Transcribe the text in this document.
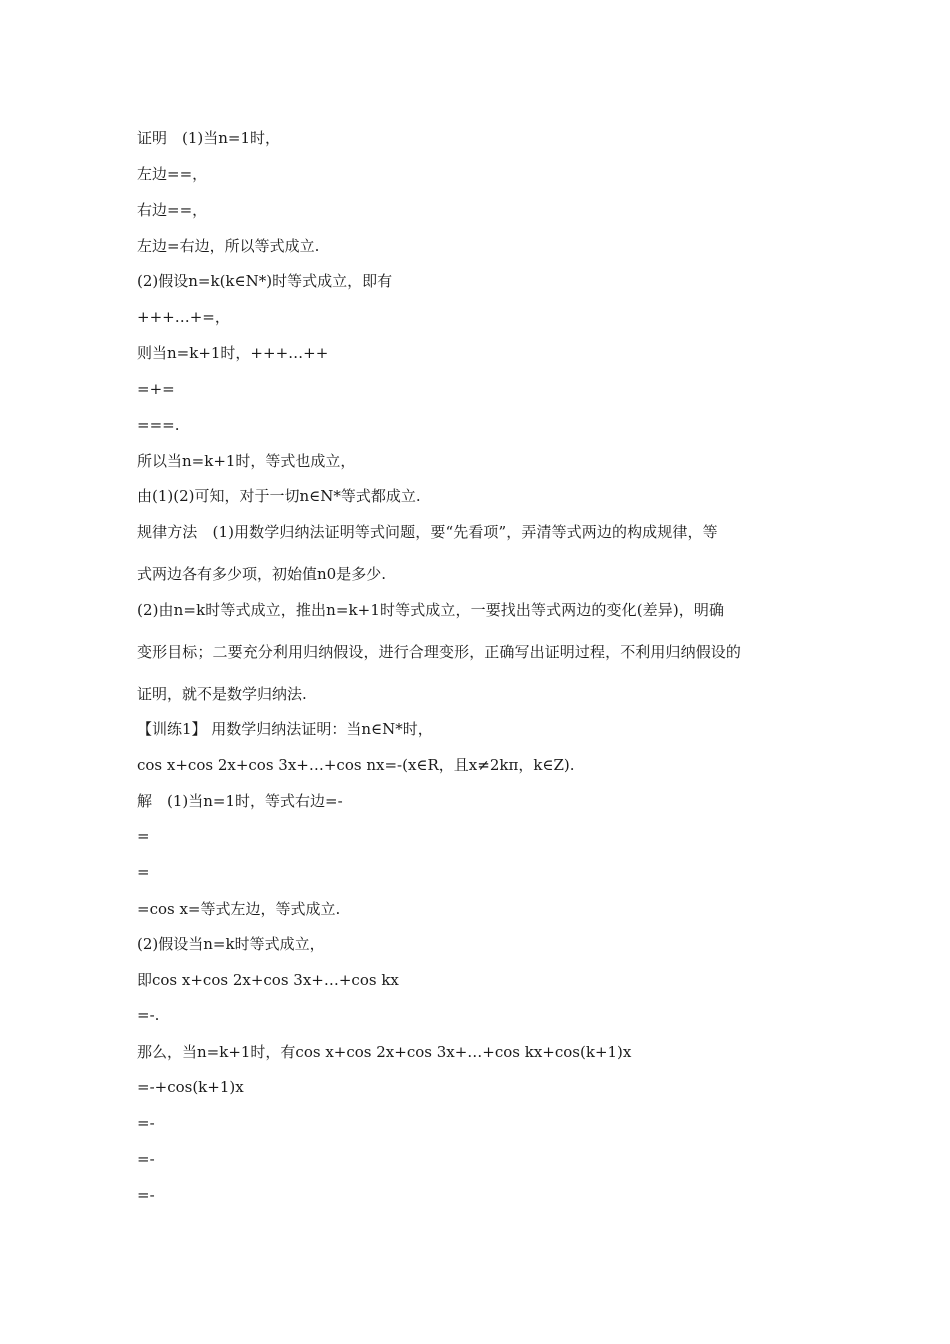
证明　(1)当n=1时，
左边==，
右边==，
左边=右边，所以等式成立.
(2)假设n=k(k∈N*)时等式成立，即有
+++…+=，
则当n=k+1时，+++…++
=+=
===.
所以当n=k+1时，等式也成立，
由(1)(2)可知，对于一切n∈N*等式都成立.
规律方法　(1)用数学归纳法证明等式问题，要“先看项”，弄清等式两边的构成规律，等
式两边各有多少项，初始值n0是多少.
(2)由n=k时等式成立，推出n=k+1时等式成立，一要找出等式两边的变化(差异)，明确
变形目标；二要充分利用归纳假设，进行合理变形，正确写出证明过程，不利用归纳假设的
证明，就不是数学归纳法.
【训练1】 用数学归纳法证明：当n∈N*时，
cos x+cos 2x+cos 3x+…+cos nx=-(x∈R，且x≠2kπ，k∈Z).
解　(1)当n=1时，等式右边=-
=
=
=cos x=等式左边，等式成立.
(2)假设当n=k时等式成立，
即cos x+cos 2x+cos 3x+…+cos kx
=-.
那么，当n=k+1时，有cos x+cos 2x+cos 3x+…+cos kx+cos(k+1)x
=-+cos(k+1)x
=-
=-
=-
